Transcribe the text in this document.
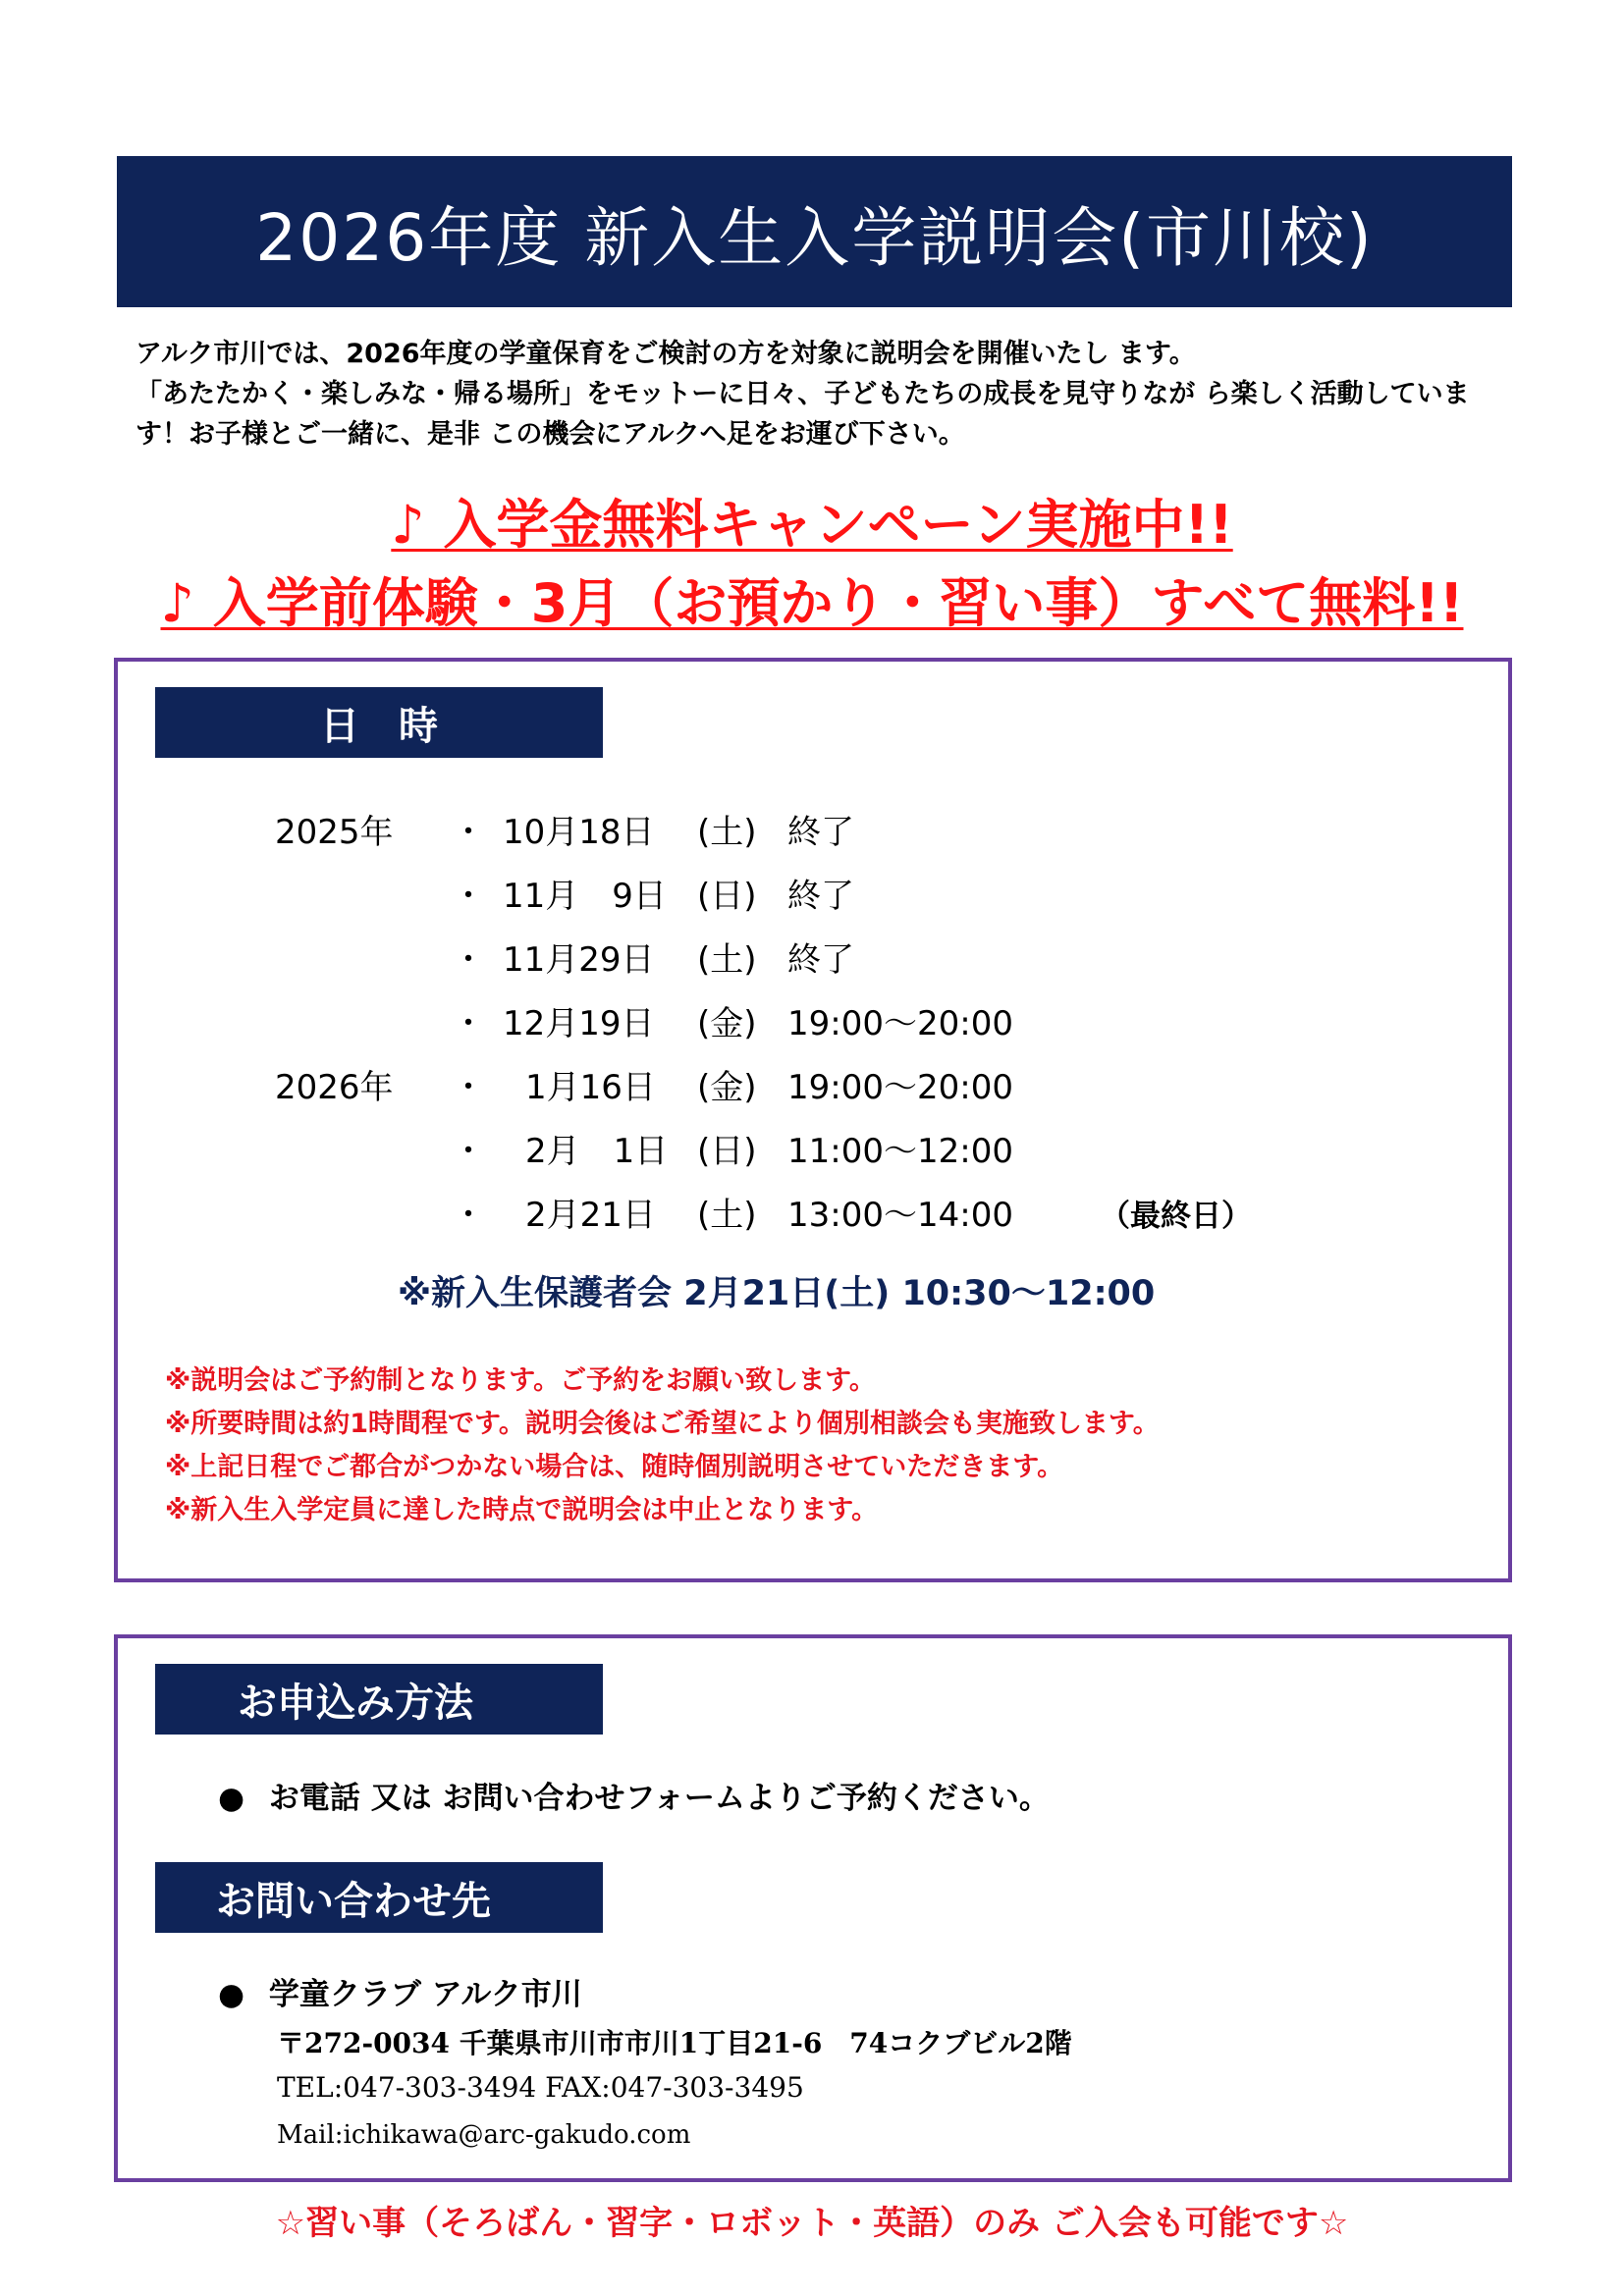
2026年度 新入生入学説明会(市川校)
アルク市川では、2026年度の学童保育をご検討の方を対象に説明会を開催いたし ます。
「あたたかく・楽しみな・帰る場所」をモットーに日々、子どもたちの成長を見守りなが ら楽しく活動していま
す！お子様とご一緒に、是非 この機会にアルクへ足をお運び下さい。
♪ 入学金無料キャンペーン実施中!!
♪ 入学前体験・3月（お預かり・習い事）すべて無料!!
日　時
2025年 ・ 10月18日 (土) 終了
・ 11月　9日 (日) 終了
・ 11月29日 (土) 終了
・ 12月19日 (金) 19:00〜20:00
2026年 ・ 1月16日 (金) 19:00〜20:00
・ 2月　1日 (日) 11:00〜12:00
・ 2月21日 (土) 13:00〜14:00	（最終日）
※新入生保護者会 2月21日(土) 10:30〜12:00
※説明会はご予約制となります。ご予約をお願い致します。
※所要時間は約1時間程です。説明会後はご希望により個別相談会も実施致します。
※上記日程でご都合がつかない場合は、随時個別説明させていただきます。
※新入生入学定員に達した時点で説明会は中止となります。
お申込み方法
● お電話 又は お問い合わせフォームよりご予約ください。
お問い合わせ先
● 学童クラブ アルク市川
〒272-0034 千葉県市川市市川1丁目21-6　74コクブビル2階
TEL:047-303-3494 FAX:047-303-3495
Mail:ichikawa@arc-gakudo.com
☆習い事（そろばん・習字・ロボット・英語）のみ ご入会も可能です☆
